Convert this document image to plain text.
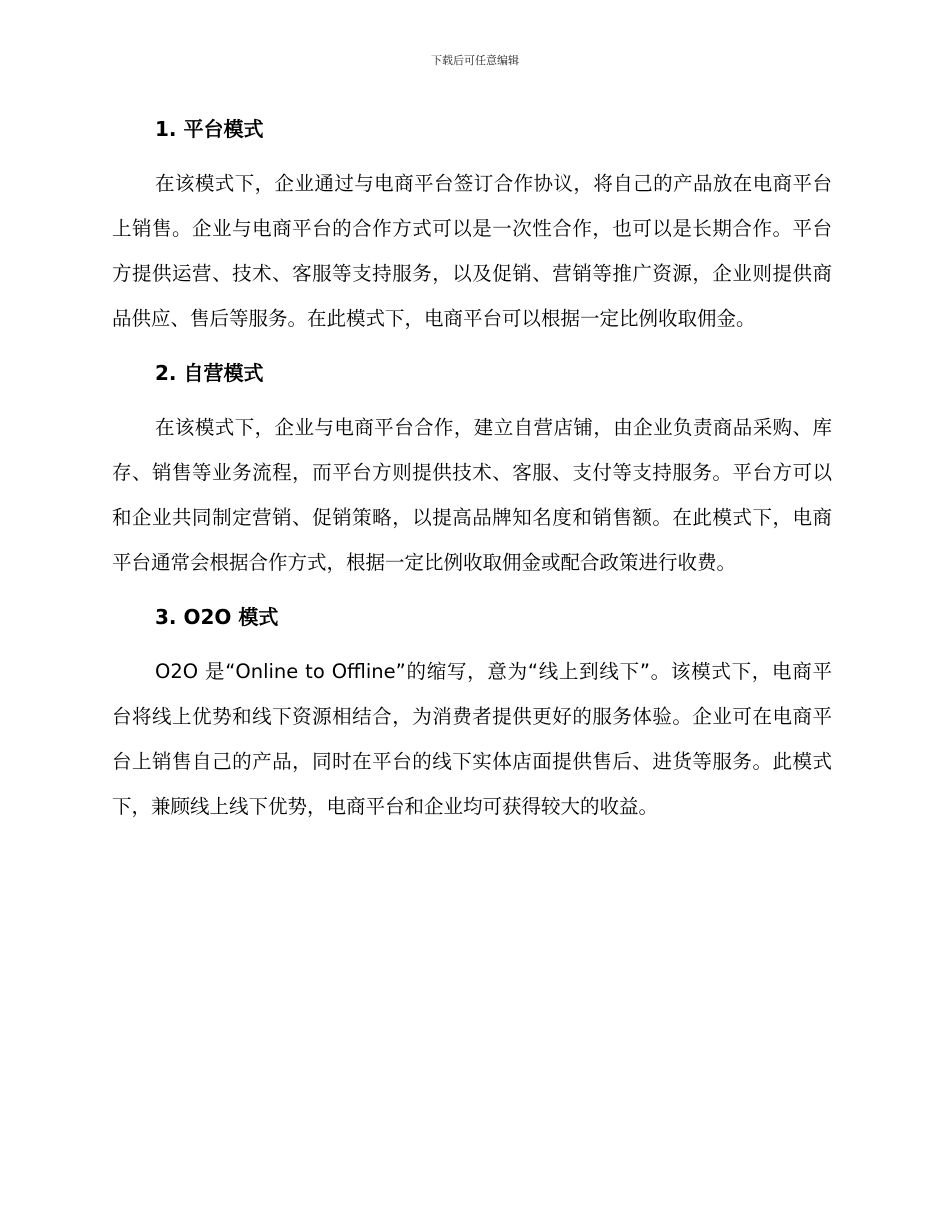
下载后可任意编辑
1. 平台模式

在该模式下，企业通过与电商平台签订合作协议，将自己的产品放在电商平台上销售。企业与电商平台的合作方式可以是一次性合作，也可以是长期合作。平台方提供运营、技术、客服等支持服务，以及促销、营销等推广资源，企业则提供商品供应、售后等服务。在此模式下，电商平台可以根据一定比例收取佣金。

2. 自营模式

在该模式下，企业与电商平台合作，建立自营店铺，由企业负责商品采购、库存、销售等业务流程，而平台方则提供技术、客服、支付等支持服务。平台方可以和企业共同制定营销、促销策略，以提高品牌知名度和销售额。在此模式下，电商平台通常会根据合作方式，根据一定比例收取佣金或配合政策进行收费。

3. O2O 模式

O2O 是“Online to Offline”的缩写，意为“线上到线下”。该模式下，电商平台将线上优势和线下资源相结合，为消费者提供更好的服务体验。企业可在电商平台上销售自己的产品，同时在平台的线下实体店面提供售后、进货等服务。此模式下，兼顾线上线下优势，电商平台和企业均可获得较大的收益。
